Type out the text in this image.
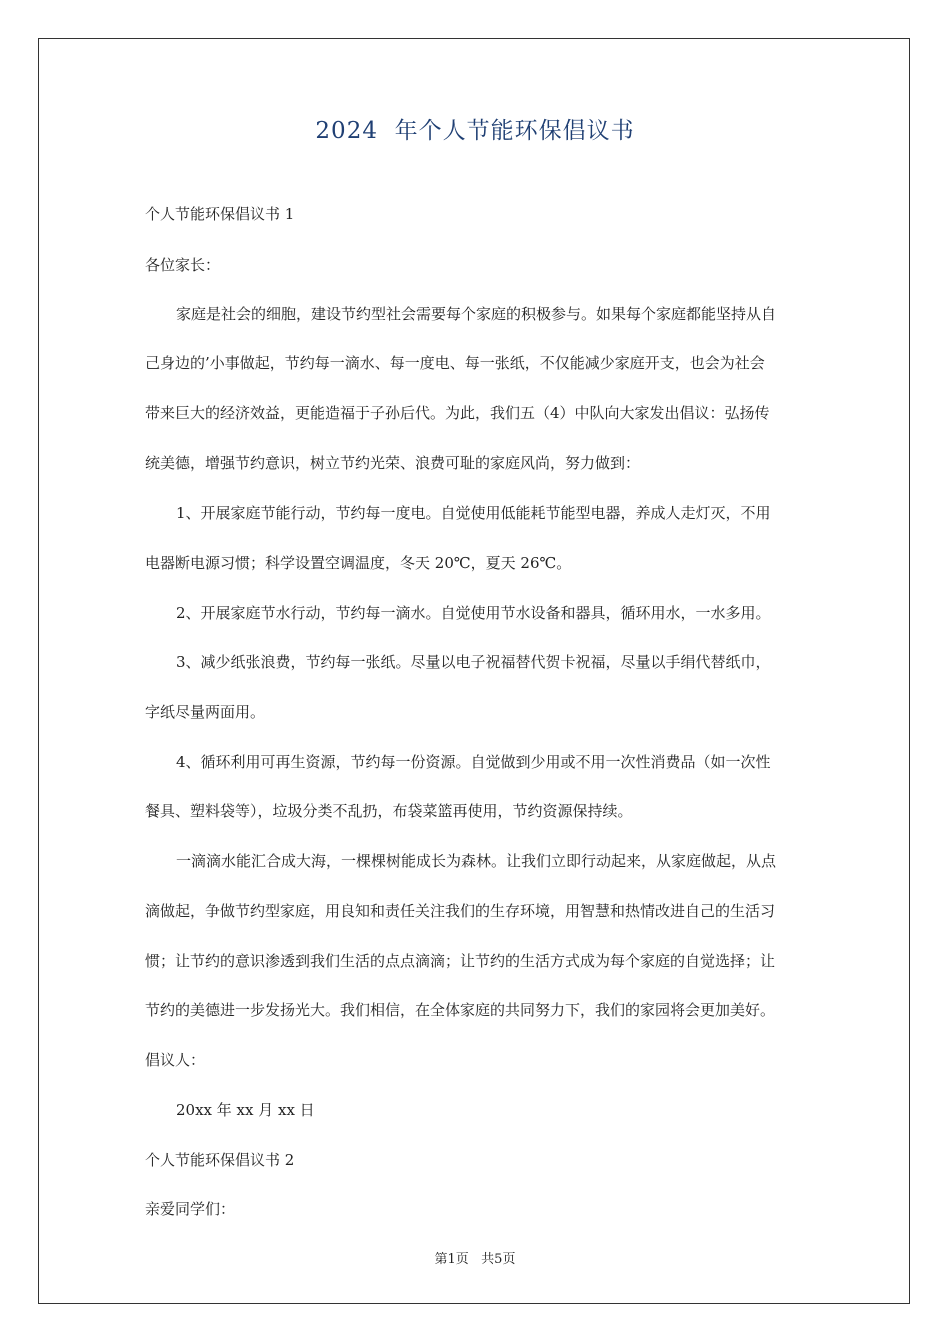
2024  年个人节能环保倡议书
个人节能环保倡议书 1
各位家长：
家庭是社会的细胞，建设节约型社会需要每个家庭的积极参与。如果每个家庭都能坚持从自
己身边的’小事做起，节约每一滴水、每一度电、每一张纸，不仅能减少家庭开支，也会为社会
带来巨大的经济效益，更能造福于子孙后代。为此，我们五（4）中队向大家发出倡议：弘扬传
统美德，增强节约意识，树立节约光荣、浪费可耻的家庭风尚，努力做到：
1、开展家庭节能行动，节约每一度电。自觉使用低能耗节能型电器，养成人走灯灭，不用
电器断电源习惯；科学设置空调温度，冬天 20℃，夏天 26℃。
2、开展家庭节水行动，节约每一滴水。自觉使用节水设备和器具，循环用水，一水多用。
3、减少纸张浪费，节约每一张纸。尽量以电子祝福替代贺卡祝福，尽量以手绢代替纸巾，
字纸尽量两面用。
4、循环利用可再生资源，节约每一份资源。自觉做到少用或不用一次性消费品（如一次性
餐具、塑料袋等），垃圾分类不乱扔，布袋菜篮再使用，节约资源保持续。
一滴滴水能汇合成大海，一棵棵树能成长为森林。让我们立即行动起来，从家庭做起，从点
滴做起，争做节约型家庭，用良知和责任关注我们的生存环境，用智慧和热情改进自己的生活习
惯；让节约的意识渗透到我们生活的点点滴滴；让节约的生活方式成为每个家庭的自觉选择；让
节约的美德进一步发扬光大。我们相信，在全体家庭的共同努力下，我们的家园将会更加美好。
倡议人：
20xx 年 xx 月 xx 日
个人节能环保倡议书 2
亲爱同学们：
第1页   共5页
